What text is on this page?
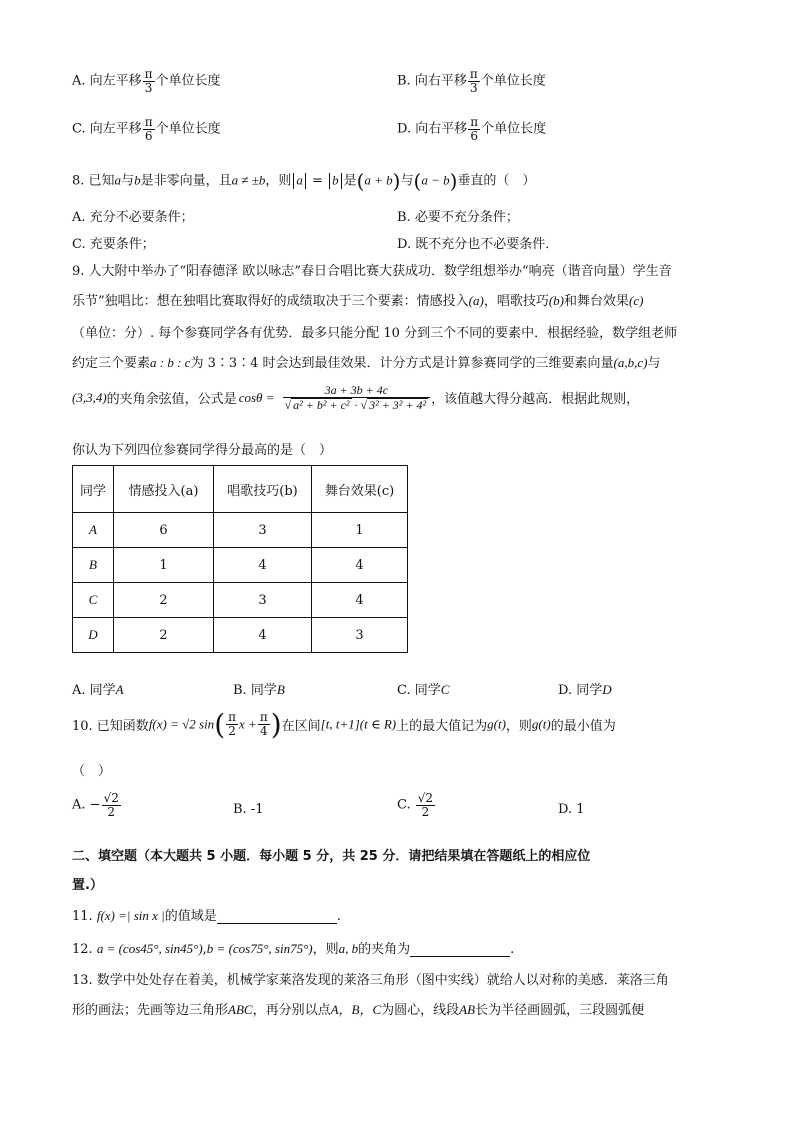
A. 向左平移 $\frac{\pi}{3}$ 个单位长度	B. 向右平移 $\frac{\pi}{3}$ 个单位长度
C. 向左平移 $\frac{\pi}{6}$ 个单位长度	D. 向右平移 $\frac{\pi}{6}$ 个单位长度
8. 已知a与b是非零向量，且a ≠ ±b，则 a = b 是(a + b)与(a − b)垂直的（　）
A. 充分不必要条件；	B. 必要不充分条件；
C. 充要条件；	D. 既不充分也不必要条件．
9. 人大附中举办了“阳春德泽 欧以咏志”春日合唱比赛大获成功．数学组想举办“响亮（谐音向量）学生音
乐节”独唱比：想在独唱比赛取得好的成绩取决于三个要素：情感投入(a)，唱歌技巧(b)和舞台效果(c)
（单位：分）. 每个参赛同学各有优势．最多只能分配 10 分到三个不同的要素中．根据经验，数学组老师
约定三个要素a : b : c为 3∶3∶4 时会达到最佳效果．计分方式是计算参赛同学的三维要素向量(a,b,c)与
(3,3,4)的夹角余弦值，公式是 $\cos\theta = \frac{3a + 3b + 4c}{\text{√ a² + b² + c² · √ 3² + 3² + 4²}}$ ，该值越大得分越高．根据此规则，
你认为下列四位参赛同学得分最高的是（　）
同学	情感投入(a)	唱歌技巧(b)	舞台效果(c)
A	6	3	1
B	1	4	4
C	2	3	4
D	2	4	3
A. 同学A	B. 同学B	C. 同学C	D. 同学D
10. 已知函数f(x) = √2 $\sin( \frac{\pi}{2}$ $x + \frac{\pi}{4}$ )在区间[t, t+1](t ∈ R)上的最大值记为g(t)，则g(t)的最小值为
（　）
A. − $\frac{√2}{2}$	B. -1	C. $\frac{√2}{2}$	D. 1
二、填空题（本大题共 5 小题．每小题 5 分，共 25 分．请把结果填在答题纸上的相应位
置.）
11. f(x) =| sin x |的值域是	.
12. a = (cos45°, sin45°),b = (cos75°, sin75°)，则a, b的夹角为	.
13. 数学中处处存在着美，机械学家莱洛发现的莱洛三角形（图中实线）就给人以对称的美感．莱洛三角
形的画法；先画等边三角形ABC，再分别以点A，B，C为圆心，线段AB长为半径画圆弧，三段圆弧便
